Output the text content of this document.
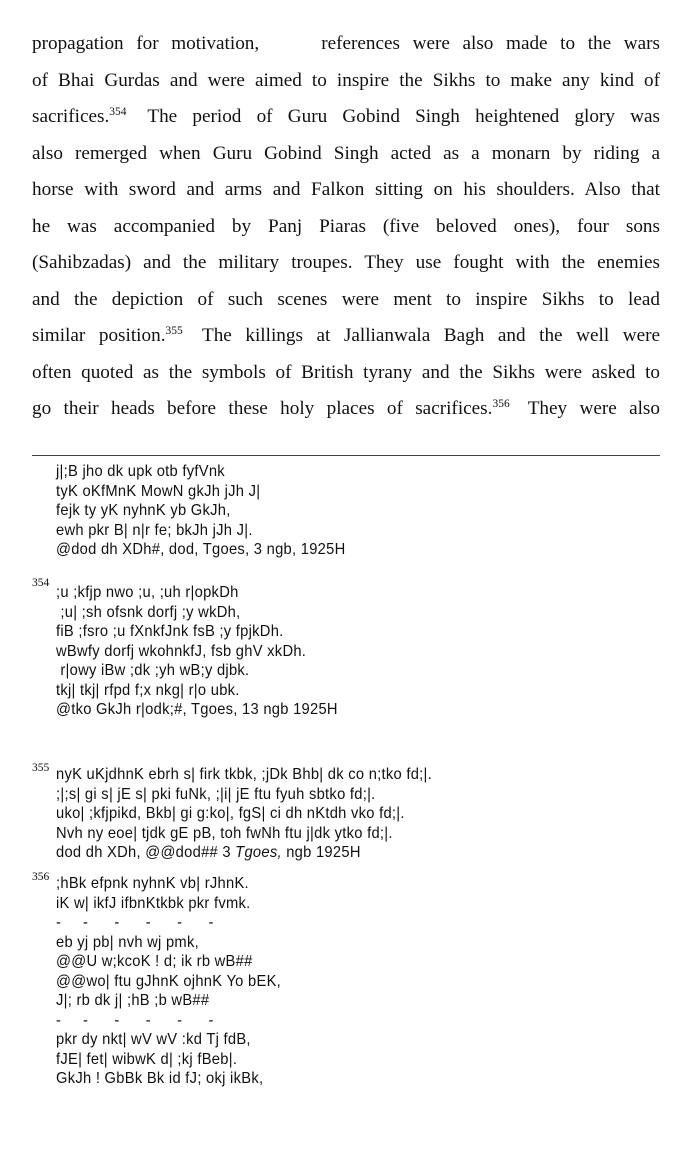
propagation for motivation,	references were also made to the wars
of Bhai Gurdas and were aimed to inspire the Sikhs to make any kind of
sacrifices.$^{354}$ The period of Guru Gobind Singh heightened glory was
also remerged when Guru Gobind Singh acted as a monarn by riding a
horse with sword and arms and Falkon sitting on his shoulders. Also that
he was accompanied by Panj Piaras (five beloved ones), four sons
(Sahibzadas) and the military troupes. They use fought with the enemies
and the depiction of such scenes were ment to inspire Sikhs to lead
similar position.$^{355}$ The killings at Jallianwala Bagh and the well were
often quoted as the symbols of British tyrany and the Sikhs were asked to
go their heads before these holy places of sacrifices.$^{356}$ They were also
j|;B jho dk upk otb fyfVnk
tyK oKfMnK MowN gkJh jJh J|
fejk ty yK nyhnK yb GkJh,
ewh pkr B| n|r fe; bkJh jJh J|.
@dod dh XDh#, dod, Tgoes, 3 ngb, 1925H
354
;u ;kfjp nwo ;u, ;uh r|opkDh
;u| ;sh ofsnk dorfj ;y wkDh,
fiB ;fsro ;u fXnkfJnk fsB ;y fpjkDh.
wBwfy dorfj wkohnkfJ, fsb ghV xkDh.
r|owy iBw ;dk ;yh wB;y djbk.
tkj| tkj| rfpd f;x nkg| r|o ubk.
@tko GkJh r|odk;#, Tgoes, 13 ngb 1925H
355 nyK uKjdhnK ebrh s| firk tkbk, ;jDk Bhb| dk co n;tko fd;|.
;|;s| gi s| jE s| pki fuNk, ;|i| jE ftu fyuh sbtko fd;|.
uko| ;kfjpikd, Bkb| gi g:ko|, fgS| ci dh nKtdh vko fd;|.
Nvh ny eoe| tjdk gE pB, toh fwNh ftu j|dk ytko fd;|.
dod dh XDh, @@dod## 3 Tgoes, ngb 1925H
356 ;hBk efpnk nyhnK vb| rJhnK.
iK w| ikfJ ifbnKtkbk pkr fvmk.
-     -      -      -      -      -
eb yj pb| nvh wj pmk,
@@U w;kcoK ! d; ik rb wB##
@@wo| ftu gJhnK ojhnK Yo bEK,
J|; rb dk j| ;hB ;b wB##
-     -      -      -      -      -
pkr dy nkt| wV wV :kd Tj fdB,
fJE| fet| wibwK d| ;kj fBeb|.
GkJh ! GbBk Bk id fJ; okj ikBk,
